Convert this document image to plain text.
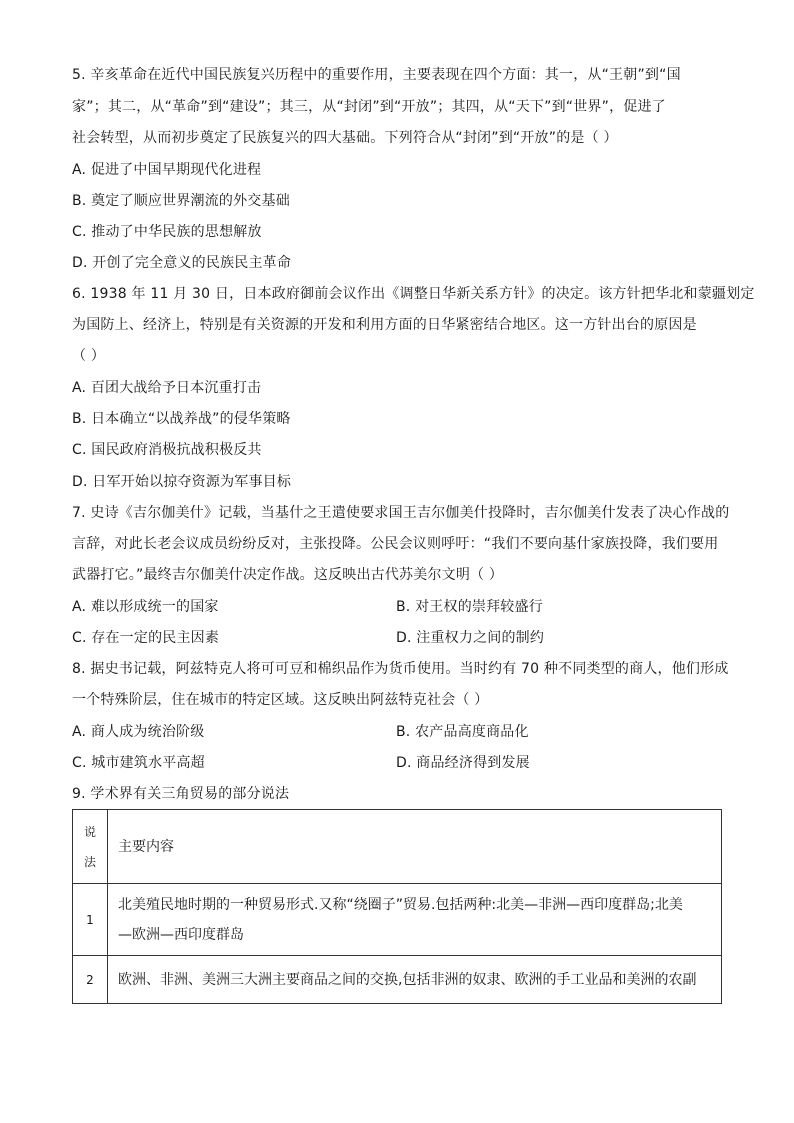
5. 辛亥革命在近代中国民族复兴历程中的重要作用，主要表现在四个方面：其一，从“王朝”到“国
家”；其二，从“革命”到“建设”；其三，从“封闭”到“开放”；其四，从“天下”到“世界”，促进了
社会转型，从而初步奠定了民族复兴的四大基础。下列符合从“封闭”到“开放”的是（ ）
A. 促进了中国早期现代化进程
B. 奠定了顺应世界潮流的外交基础
C. 推动了中华民族的思想解放
D. 开创了完全意义的民族民主革命
6. 1938 年 11 月 30 日，日本政府御前会议作出《调整日华新关系方针》的决定。该方针把华北和蒙疆划定
为国防上、经济上，特别是有关资源的开发和利用方面的日华紧密结合地区。这一方针出台的原因是
（ ）
A. 百团大战给予日本沉重打击
B. 日本确立“以战养战”的侵华策略
C. 国民政府消极抗战积极反共
D. 日军开始以掠夺资源为军事目标
7. 史诗《吉尔伽美什》记载，当基什之王遣使要求国王吉尔伽美什投降时，吉尔伽美什发表了决心作战的
言辞，对此长老会议成员纷纷反对，主张投降。公民会议则呼吁：“我们不要向基什家族投降，我们要用
武器打它。”最终吉尔伽美什决定作战。这反映出古代苏美尔文明（ ）
A. 难以形成统一的国家	B. 对王权的崇拜较盛行
C. 存在一定的民主因素	D. 注重权力之间的制约
8. 据史书记载，阿兹特克人将可可豆和棉织品作为货币使用。当时约有 70 种不同类型的商人，他们形成
一个特殊阶层，住在城市的特定区域。这反映出阿兹特克社会（ ）
A. 商人成为统治阶级	B. 农产品高度商品化
C. 城市建筑水平高超	D. 商品经济得到发展
9. 学术界有关三角贸易的部分说法
说
法	主要内容
1	北美殖民地时期的一种贸易形式.又称“绕圈子”贸易.包括两种:北美—非洲—西印度群岛;北美
—欧洲—西印度群岛

2	欧洲、非洲、美洲三大洲主要商品之间的交换,包括非洲的奴隶、欧洲的手工业品和美洲的农副
